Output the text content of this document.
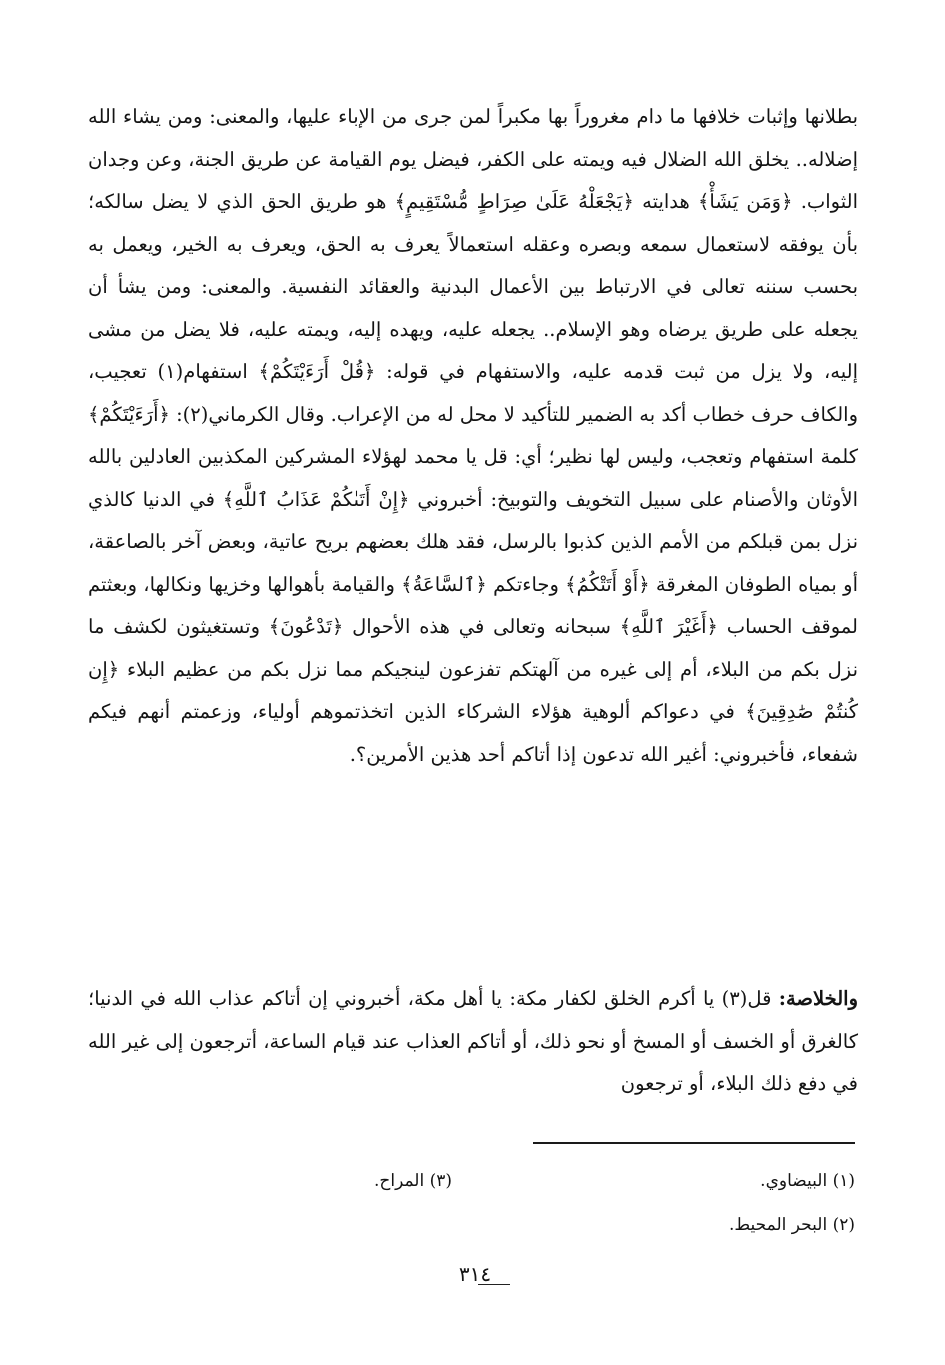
بطلانها وإثبات خلافها ما دام مغروراً بها مكبراً لمن جرى من الإباء عليها، والمعنى: ومن يشاء الله إضلاله.. يخلق الله الضلال فيه ويمته على الكفر، فيضل يوم القيامة عن طريق الجنة، وعن وجدان الثواب. ﴿وَمَن يَشَأْ﴾ هدايته ﴿يَجْعَلْهُ عَلَىٰ صِرَاطٍ مُّسْتَقِيمٍ﴾ هو طريق الحق الذي لا يضل سالكه؛ بأن يوفقه لاستعمال سمعه وبصره وعقله استعمالاً يعرف به الحق، ويعرف به الخير، ويعمل به بحسب سننه تعالى في الارتباط بين الأعمال البدنية والعقائد النفسية. والمعنى: ومن يشأ أن يجعله على طريق يرضاه وهو الإسلام.. يجعله عليه، ويهده إليه، ويمته عليه، فلا يضل من مشى إليه، ولا يزل من ثبت قدمه عليه، والاستفهام في قوله: ﴿قُلْ أَرَءَيْتَكُمْ﴾ استفهام(١) تعجيب، والكاف حرف خطاب أكد به الضمير للتأكيد لا محل له من الإعراب. وقال الكرماني(٢): ﴿أَرَءَيْتَكُمْ﴾ كلمة استفهام وتعجب، وليس لها نظير؛ أي: قل يا محمد لهؤلاء المشركين المكذبين العادلين بالله الأوثان والأصنام على سبيل التخويف والتوبيخ: أخبروني ﴿إِنْ أَتَىٰكُمْ عَذَابُ ٱللَّهِ﴾ في الدنيا كالذي نزل بمن قبلكم من الأمم الذين كذبوا بالرسل، فقد هلك بعضهم بريح عاتية، وبعض آخر بالصاعقة، أو بمياه الطوفان المغرقة ﴿أَوْ أَتَتْكُمُ﴾ وجاءتكم ﴿ٱلسَّاعَةُ﴾ والقيامة بأهوالها وخزيها ونكالها، وبعثتم لموقف الحساب ﴿أَغَيْرَ ٱللَّهِ﴾ سبحانه وتعالى في هذه الأحوال ﴿تَدْعُونَ﴾ وتستغيثون لكشف ما نزل بكم من البلاء، أم إلى غيره من آلهتكم تفزعون لينجيكم مما نزل بكم من عظيم البلاء ﴿إِن كُنتُمْ صَٰدِقِينَ﴾ في دعواكم ألوهية هؤلاء الشركاء الذين اتخذتموهم أولياء، وزعمتم أنهم فيكم شفعاء، فأخبروني: أغير الله تدعون إذا أتاكم أحد هذين الأمرين؟.

والخلاصة: قل(٣) يا أكرم الخلق لكفار مكة: يا أهل مكة، أخبروني إن أتاكم عذاب الله في الدنيا؛ كالغرق أو الخسف أو المسخ أو نحو ذلك، أو أتاكم العذاب عند قيام الساعة، أترجعون إلى غير الله في دفع ذلك البلاء، أو ترجعون

(١) البيضاوي.
(٣) المراح.
(٢) البحر المحيط.
٣١٤
